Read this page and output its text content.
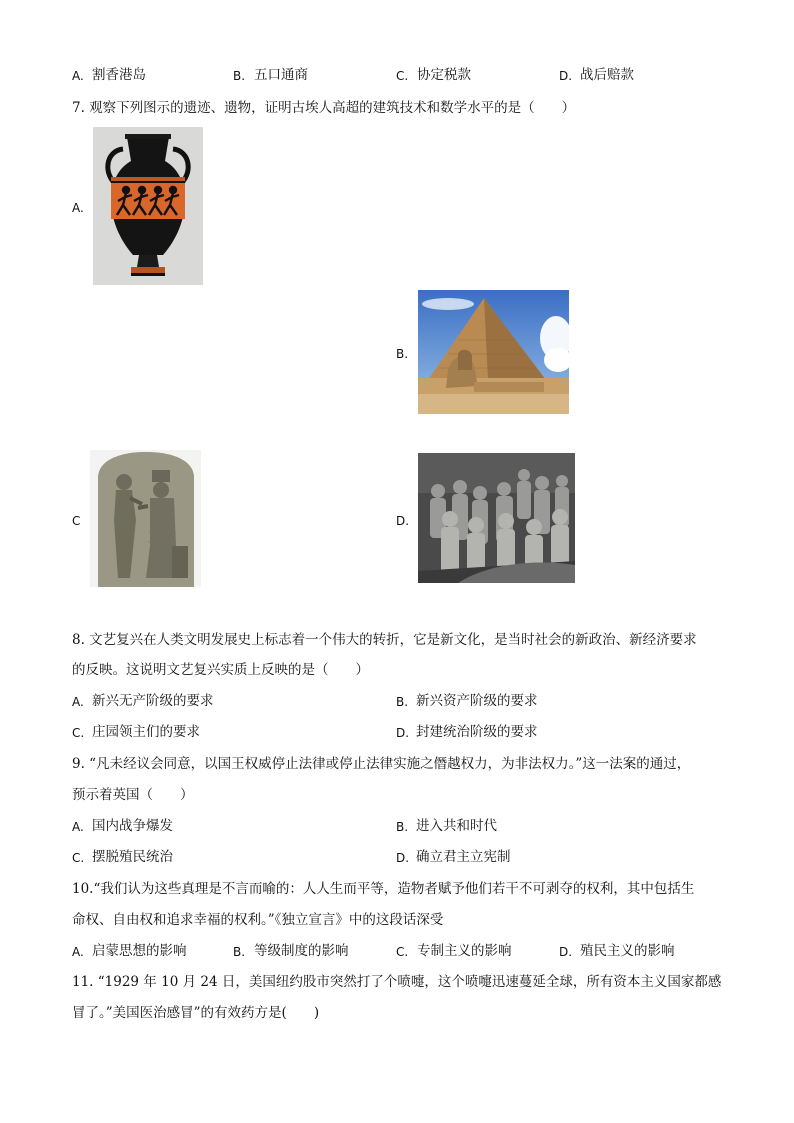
A. 割香港岛	B. 五口通商	C. 协定税款	D. 战后赔款
7. 观察下列图示的遗迹、遗物，证明古埃人高超的建筑技术和数学水平的是（　　）
A.
B.
C	D.
8. 文艺复兴在人类文明发展史上标志着一个伟大的转折，它是新文化，是当时社会的新政治、新经济要求
的反映。这说明文艺复兴实质上反映的是（　　）
A. 新兴无产阶级的要求	B. 新兴资产阶级的要求
C. 庄园领主们的要求	D. 封建统治阶级的要求
9. “凡未经议会同意，以国王权威停止法律或停止法律实施之僭越权力，为非法权力。”这一法案的通过，
预示着英国（　　）
A. 国内战争爆发	B. 进入共和时代
C. 摆脱殖民统治	D. 确立君主立宪制
10.“我们认为这些真理是不言而喻的：人人生而平等，造物者赋予他们若干不可剥夺的权利，其中包括生
命权、自由权和追求幸福的权利。”《独立宣言》中的这段话深受
A. 启蒙思想的影响	B. 等级制度的影响	C. 专制主义的影响	D. 殖民主义的影响
11. “1929 年 10 月 24 日，美国纽约股市突然打了个喷嚏，这个喷嚏迅速蔓延全球，所有资本主义国家都感
冒了。”美国医治感冒”的有效药方是(　　)
